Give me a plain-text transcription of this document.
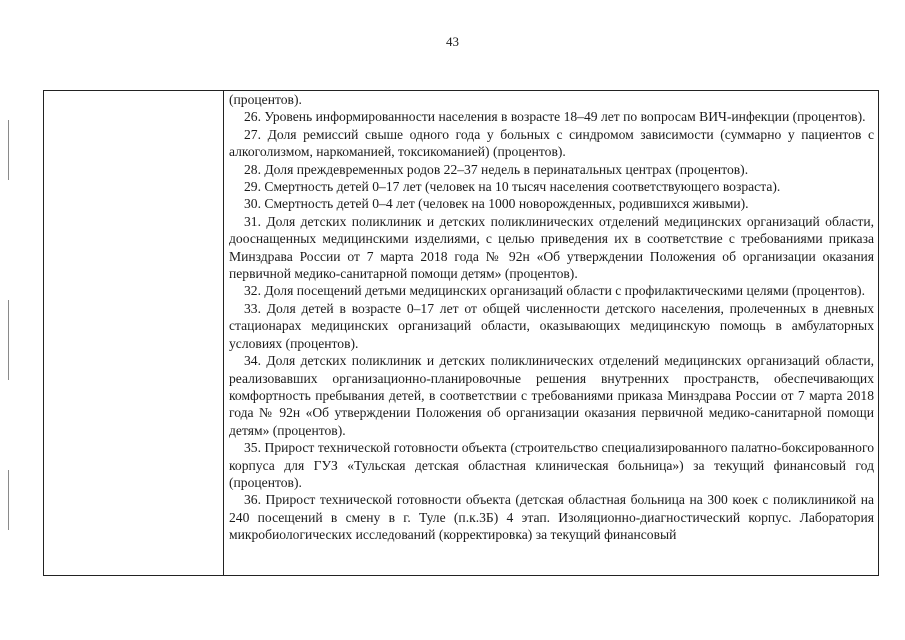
43

(процентов).

26. Уровень информированности населения в возрасте 18–49 лет по вопросам ВИЧ-инфекции (процентов).

27. Доля ремиссий свыше одного года у больных с синдромом зависимости (суммарно у пациентов с алкоголизмом, наркоманией, токсикоманией) (процентов).

28. Доля преждевременных родов 22–37 недель в перинатальных центрах (процентов).

29. Смертность детей 0–17 лет (человек на 10 тысяч населения соответствующего возраста).

30. Смертность детей 0–4 лет (человек на 1000 новорожденных, родившихся живыми).

31. Доля детских поликлиник и детских поликлинических отделений медицинских организаций области, дооснащенных медицинскими изделиями, с целью приведения их в соответствие с требованиями приказа Минздрава России от 7 марта 2018 года № 92н «Об утверждении Положения об организации оказания первичной медико-санитарной помощи детям» (процентов).

32. Доля посещений детьми медицинских организаций области с профилактическими целями (процентов).

33. Доля детей в возрасте 0–17 лет от общей численности детского населения, пролеченных в дневных стационарах медицинских организаций области, оказывающих медицинскую помощь в амбулаторных условиях (процентов).

34. Доля детских поликлиник и детских поликлинических отделений медицинских организаций области, реализовавших организационно-планировочные решения внутренних пространств, обеспечивающих комфортность пребывания детей, в соответствии с требованиями приказа Минздрава России от 7 марта 2018 года № 92н «Об утверждении Положения об организации оказания первичной медико-санитарной помощи детям» (процентов).

35. Прирост технической готовности объекта (строительство специализированного палатно-боксированного корпуса для ГУЗ «Тульская детская областная клиническая больница») за текущий финансовый год (процентов).

36. Прирост технической готовности объекта (детская областная больница на 300 коек с поликлиникой на 240 посещений в смену в г. Туле (п.к.3Б) 4 этап. Изоляционно-диагностический корпус. Лаборатория микробиологических исследований (корректировка) за текущий финансовый
